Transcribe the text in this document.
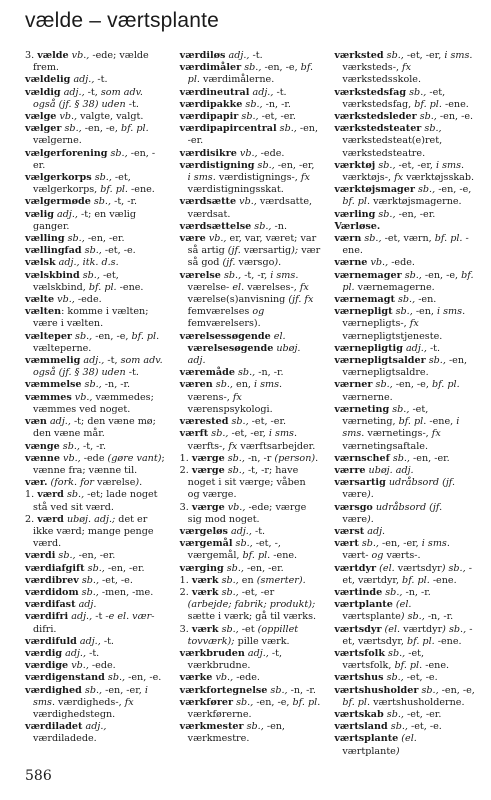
vælde – værtsplante
3. vælde vb., -ede; vælde frem.
vældelig adj., -t.
vældig adj., -t, som adv. også (jf. § 38) uden -t.
vælge vb., valgte, valgt.
vælger sb., -en, -e, bf. pl. vælgerne.
vælgerforening sb., -en, -er.
vælgerkorps sb., -et, vælgerkorps, bf. pl. -ene.
vælgermøde sb., -t, -r.
vælig adj., -t; en vælig ganger.
vælling sb., -en, -er.
vællingfad sb., -et, -e.
vælsk adj., itk. d.s.
vælskbind sb., -et, vælskbind, bf. pl. -ene.
vælte vb., -ede.
vælten: komme i vælten; være i vælten.
vælteper sb., -en, -e, bf. pl. vælteperne.
væmmelig adj., -t, som adv. også (jf. § 38) uden -t.
væmmelse sb., -n, -r.
væmmes vb., væmmedes; væmmes ved noget.
væn adj., -t; den væne mø; den væne mår.
vænge sb., -t, -r.
vænne vb., -ede (gøre vant); vænne fra; vænne til.
vær. (fork. for værelse).
1. værd sb., -et; lade noget stå ved sit værd.
2. værd ubøj. adj.; det er ikke værd; mange penge værd.
værdi sb., -en, -er.
værdiafgift sb., -en, -er.
værdibrev sb., -et, -e.
værdidom sb., -men, -me.
værdifast adj.
værdifri adj., -t -e el. vær-difri.
værdifuld adj., -t.
værdig adj., -t.
værdige vb., -ede.
værdigenstand sb., -en, -e.
værdighed sb., -en, -er, i sms. værdigheds-, fx værdighedstegn.
værdiladet adj., værdiladede.
værdiløs adj., -t.
værdimåler sb., -en, -e, bf. pl. værdimålerne.
værdineutral adj., -t.
værdipakke sb., -n, -r.
værdipapir sb., -et, -er.
værdipapircentral sb., -en, -er.
værdisikre vb., -ede.
værdistigning sb., -en, -er, i sms. værdistignings-, fx værdistigningsskat.
værdsætte vb., værdsatte, værdsat.
værdsættelse sb., -n.
være vb., er, var, været; var så artig (jf. værsartig); vær så god (jf. værsgo).
værelse sb., -t, -r, i sms. værelse- el. værelses-, fx værelse(s)anvisning (jf. fx femværelses og femværelsers).
værelsessøgende el. værelsesøgende ubøj. adj.
væremåde sb., -n, -r.
væren sb., en, i sms. værens-, fx værenspsykologi.
værested sb., -et, -er.
værft sb., -et, -er, i sms. værfts-, fx værftsarbejder.
1. værge sb., -n, -r (person).
2. værge sb., -t, -r; have noget i sit værge; våben og værge.
3. værge vb., -ede; værge sig mod noget.
værgeløs adj., -t.
værgemål sb., -et, -, værgemål, bf. pl. -ene.
værging sb., -en, -er.
1. værk sb., en (smerter).
2. værk sb., -et, -er (arbejde; fabrik; produkt); sætte i værk; gå til værks.
3. værk sb., -et (oppillet tovværk); pille værk.
værkbruden adj., -t, værkbrudne.
værke vb., -ede.
værkfortegnelse sb., -n, -r.
værkfører sb., -en, -e, bf. pl. værkførerne.
værkmester sb., -en, værkmestre.
værksted sb., -et, -er, i sms. værksteds-, fx værkstedsskole.
værkstedsfag sb., -et, værkstedsfag, bf. pl. -ene.
værkstedsleder sb., -en, -e.
værkstedsteater sb., værkstedsteat(e)ret, værkstedsteatre.
værktøj sb., -et, -er, i sms. værktøjs-, fx værktøjsskab.
værktøjsmager sb., -en, -e, bf. pl. værktøjsmagerne.
værling sb., -en, -er.
Værløse.
værn sb., -et, værn, bf. pl. -ene.
værne vb., -ede.
værnemager sb., -en, -e, bf. pl. værnemagerne.
værnemagt sb., -en.
værnepligt sb., -en, i sms. værnepligts-, fx værnepligtstjeneste.
værnepligtig adj., -t.
værnepligtsalder sb., -en, værnepligtsaldre.
værner sb., -en, -e, bf. pl. værnerne.
værneting sb., -et, værneting, bf. pl. -ene, i sms. værnetings-, fx værnetingsaftale.
værnschef sb., -en, -er.
værre ubøj. adj.
værsartig udråbsord (jf. være).
værsgo udråbsord (jf. være).
værst adj.
vært sb., -en, -er, i sms. vært- og værts-.
værtdyr (el. værtsdyr) sb., -et, værtdyr, bf. pl. -ene.
værtinde sb., -n, -r.
værtplante (el. værtsplante) sb., -n, -r.
værtsdyr (el. værtdyr) sb., -et, værtsdyr, bf. pl. -ene.
værtsfolk sb., -et, værtsfolk, bf. pl. -ene.
værtshus sb., -et, -e.
værtshusholder sb., -en, -e, bf. pl. værtshusholderne.
værtskab sb., -et, -er.
værtsland sb., -et, -e.
værtsplante (el. værtplante)
586
